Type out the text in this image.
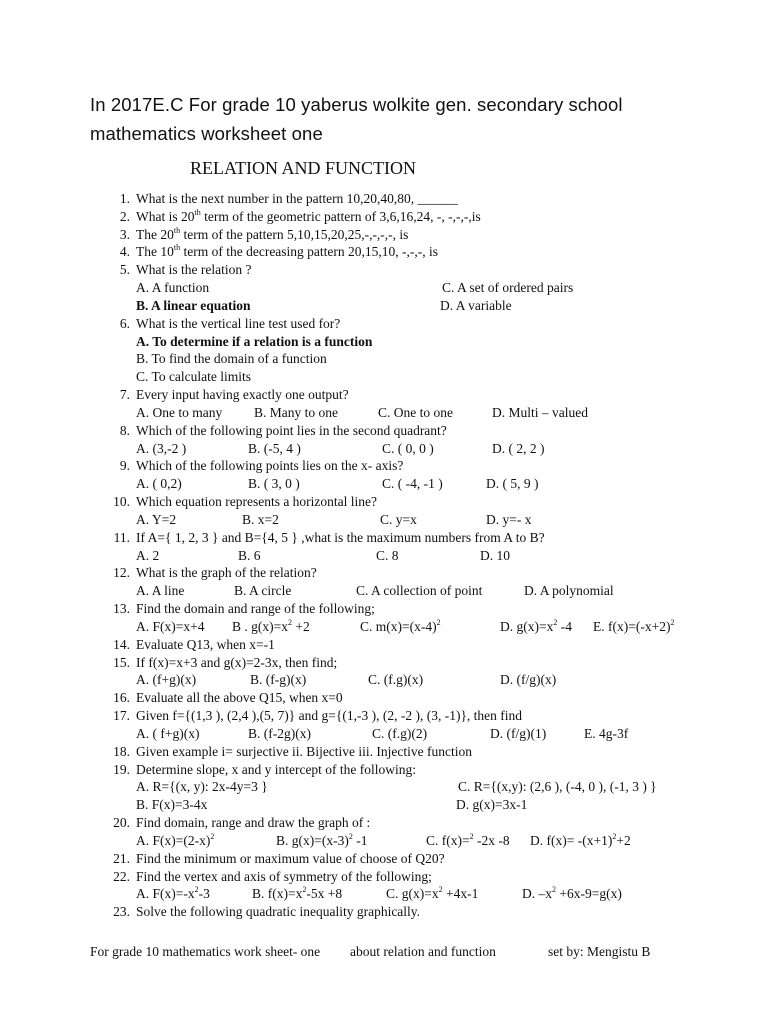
In 2017E.C For grade 10 yaberus wolkite gen. secondary school
mathematics worksheet one
RELATION AND FUNCTION
1. What is the next number in the pattern 10,20,40,80, ______
2. What is 20th term of the geometric pattern of 3,6,16,24, -, -,-,-,is
3. The 20th term of the pattern 5,10,15,20,25,-,-,-,-, is
4. The 10th term of the decreasing pattern 20,15,10, -,-,-, is
5. What is the relation ?
A. A function	C. A set of ordered pairs
B. A linear equation	D. A variable
6. What is the vertical line test used for?
A. To determine if a relation is a function
B. To find the domain of a function
C. To calculate limits
7. Every input having exactly one output?
A. One to many B. Many to one	C. One to one	D. Multi – valued
8. Which of the following point lies in the second quadrant?
A. (3,-2 )	B. (-5, 4 )	C. ( 0, 0 )	D. ( 2, 2 )
9. Which of the following points lies on the x- axis?
A. ( 0,2)	B. ( 3, 0 )	C. ( -4, -1 )	D. ( 5, 9 )
10. Which equation represents a horizontal line?
A. Y=2	B. x=2	C. y=x	D. y=- x
11. If A={ 1, 2, 3 } and B={4, 5 } ,what is the maximum numbers from A to B?
A. 2	B. 6	C. 8	D. 10
12. What is the graph of the relation?
A. A line	B. A circle	C. A collection of point	D. A polynomial
13. Find the domain and range of the following;
A. F(x)=x+4 B . $g(x)=x^2 +2$	C. $m(x)=(x-4)^2$	D. $g(x)=x^2$ -4 E. $f(x)=(-x+2)^2$
14. Evaluate Q13, when x=-1
15. If f(x)=x+3 and g(x)=2-3x, then find;
A. (f+g)(x)	B. (f-g)(x)	C. (f.g)(x)	D. (f/g)(x)
16. Evaluate all the above Q15, when x=0
17. Given f={(1,3 ), (2,4 ),(5, 7)} and g={(1,-3 ), (2, -2 ), (3, -1)}, then find
A. ( f+g)(x)	B. (f-2g)(x)	C. (f.g)(2)	D. (f/g)(1)	E. 4g-3f
18. Given example i= surjective ii. Bijective iii. Injective function
19. Determine slope, x and y intercept of the following:
A. R={(x, y): 2x-4y=3 }	C. R={(x,y): (2,6 ), (-4, 0 ), (-1, 3 ) }
B. F(x)=3-4x	D. g(x)=3x-1
20. Find domain, range and draw the graph of :
A. $F(x)=(2-x)^2$	B. $g(x)=(x-3)^2$ -1	C. f(x)=$^2$ -2x -8 D. $f(x)= -(x+1)^2+2$
21. Find the minimum or maximum value of choose of Q20?
22. Find the vertex and axis of symmetry of the following;
A. $F(x)=-x^2-3$	B. $f(x)=x^2-5x +8$	C. $g(x)=x^2 +4x-1$	D. $-x^2 +6x-9=g(x)$
23. Solve the following quadratic inequality graphically.
For grade 10 mathematics work sheet- one about relation and function	set by: Mengistu B
